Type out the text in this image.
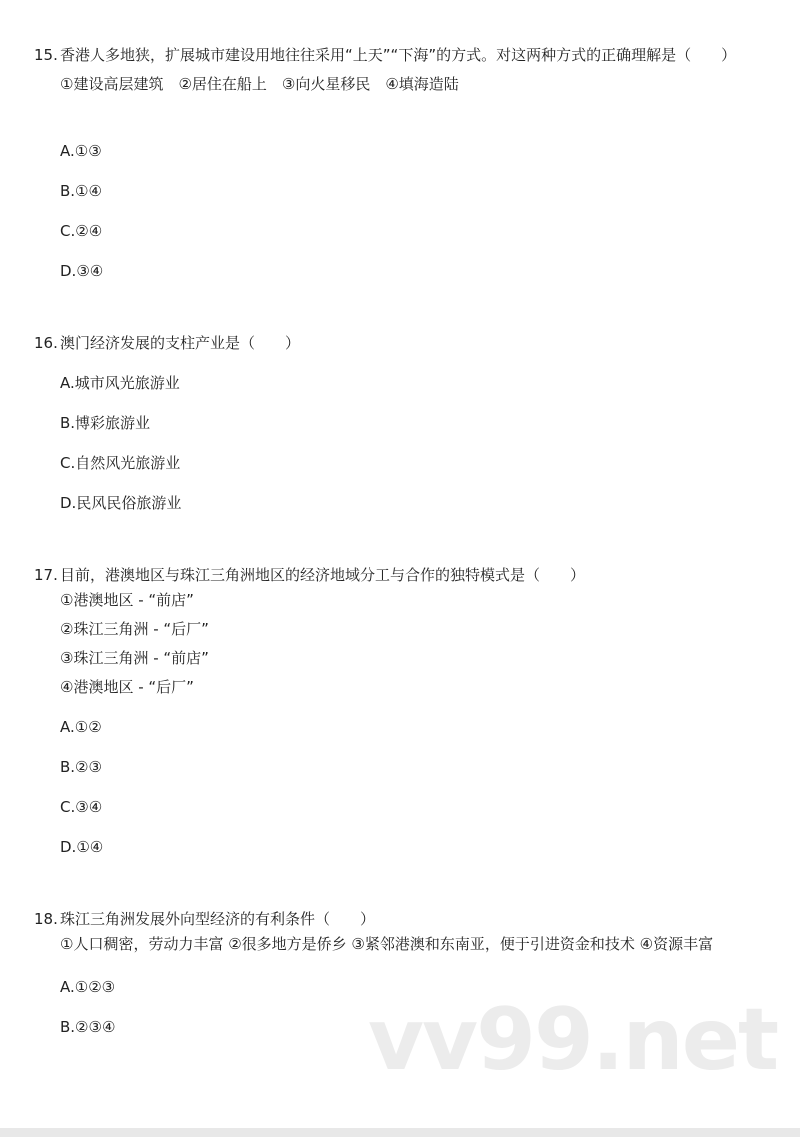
15. 香港人多地狭，扩展城市建设用地往往采用“上天”“下海”的方式。对这两种方式的正确理解是（　　）
①建设高层建筑　②居住在船上　③向火星移民　④填海造陆
A.①③
B.①④
C.②④
D.③④
16. 澳门经济发展的支柱产业是（　　）
A.城市风光旅游业
B.博彩旅游业
C.自然风光旅游业
D.民风民俗旅游业
17. 目前，港澳地区与珠江三角洲地区的经济地域分工与合作的独特模式是（　　）
①港澳地区 - “前店”
②珠江三角洲 - “后厂”
③珠江三角洲 - “前店”
④港澳地区 - “后厂”
A.①②
B.②③
C.③④
D.①④
18. 珠江三角洲发展外向型经济的有利条件（　　）
①人口稠密，劳动力丰富 ②很多地方是侨乡 ③紧邻港澳和东南亚，便于引进资金和技术 ④资源丰富
A.①②③
B.②③④	vv99.net
